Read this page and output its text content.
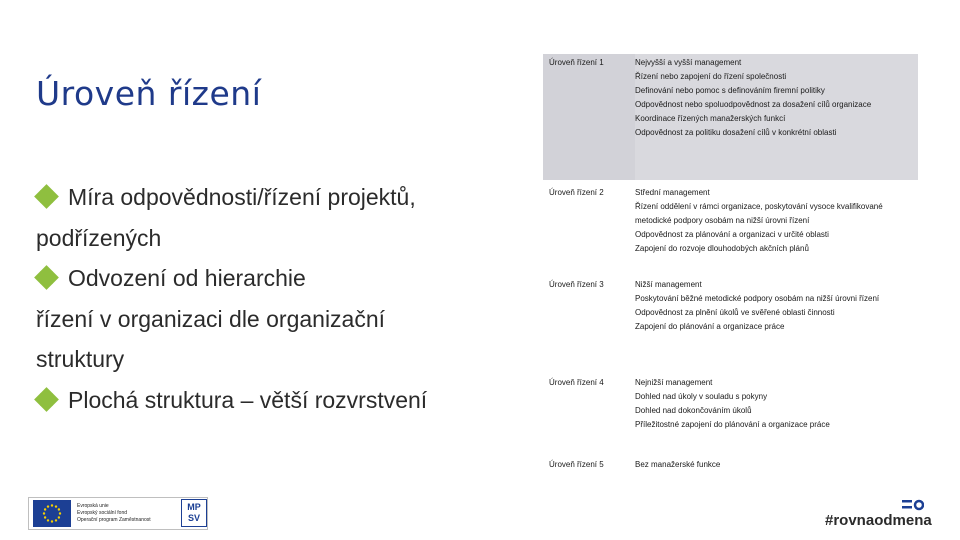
Úroveň řízení
Míra odpovědnosti/řízení projektů,
podřízených
Odvození od hierarchie
řízení v organizaci dle organizační
struktury
Plochá struktura – větší rozvrstvení
Úroveň řízení 1	Nejvyšší a vyšší management
Řízení nebo zapojení do řízení společnosti
Definování nebo pomoc s definováním firemní politiky
Odpovědnost nebo spoluodpovědnost za dosažení cílů organizace
Koordinace řízených manažerských funkcí
Odpovědnost za politiku dosažení cílů v konkrétní oblasti
Úroveň řízení 2	Střední management
Řízení oddělení v rámci organizace, poskytování vysoce kvalifikované metodické podpory osobám na nižší úrovni řízení
Odpovědnost za plánování a organizaci v určité oblasti
Zapojení do rozvoje dlouhodobých akčních plánů
Úroveň řízení 3	Nižší management
Poskytování běžné metodické podpory osobám na nižší úrovni řízení
Odpovědnost za plnění úkolů ve svěřené oblasti činnosti
Zapojení do plánování a organizace práce
Úroveň řízení 4	Nejnižší management
Dohled nad úkoly v souladu s pokyny
Dohled nad dokončováním úkolů
Příležitostné zapojení do plánování a organizace práce
Úroveň řízení 5	Bez manažerské funkce
Evropská unie
Evropský sociální fond
Operační program Zaměstnanost
MP
SV	#rovnaodmena
